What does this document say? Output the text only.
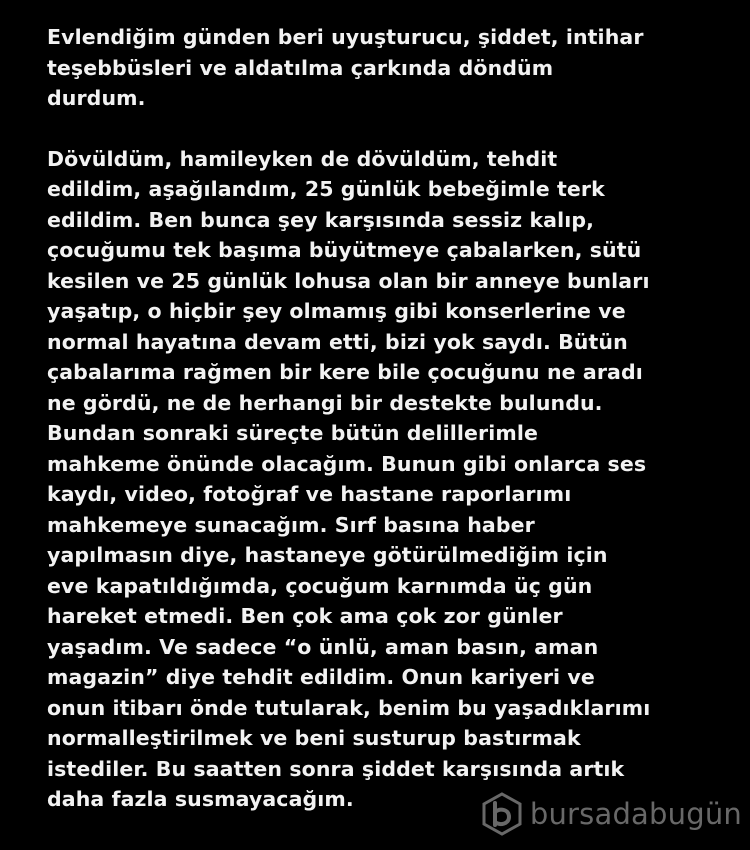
Evlendiğim günden beri uyuşturucu, şiddet, intihar
teşebbüsleri ve aldatılma çarkında döndüm
durdum.

Dövüldüm, hamileyken de dövüldüm, tehdit
edildim, aşağılandım, 25 günlük bebeğimle terk
edildim. Ben bunca şey karşısında sessiz kalıp,
çocuğumu tek başıma büyütmeye çabalarken, sütü
kesilen ve 25 günlük lohusa olan bir anneye bunları
yaşatıp, o hiçbir şey olmamış gibi konserlerine ve
normal hayatına devam etti, bizi yok saydı. Bütün
çabalarıma rağmen bir kere bile çocuğunu ne aradı
ne gördü, ne de herhangi bir destekte bulundu.
Bundan sonraki süreçte bütün delillerimle
mahkeme önünde olacağım. Bunun gibi onlarca ses
kaydı, video, fotoğraf ve hastane raporlarımı
mahkemeye sunacağım. Sırf basına haber
yapılmasın diye, hastaneye götürülmediğim için
eve kapatıldığımda, çocuğum karnımda üç gün
hareket etmedi. Ben çok ama çok zor günler
yaşadım. Ve sadece “o ünlü, aman basın, aman
magazin” diye tehdit edildim. Onun kariyeri ve
onun itibarı önde tutularak, benim bu yaşadıklarımı
normalleştirilmek ve beni susturup bastırmak
istediler. Bu saatten sonra şiddet karşısında artık
daha fazla susmayacağım.	bursadabugün
